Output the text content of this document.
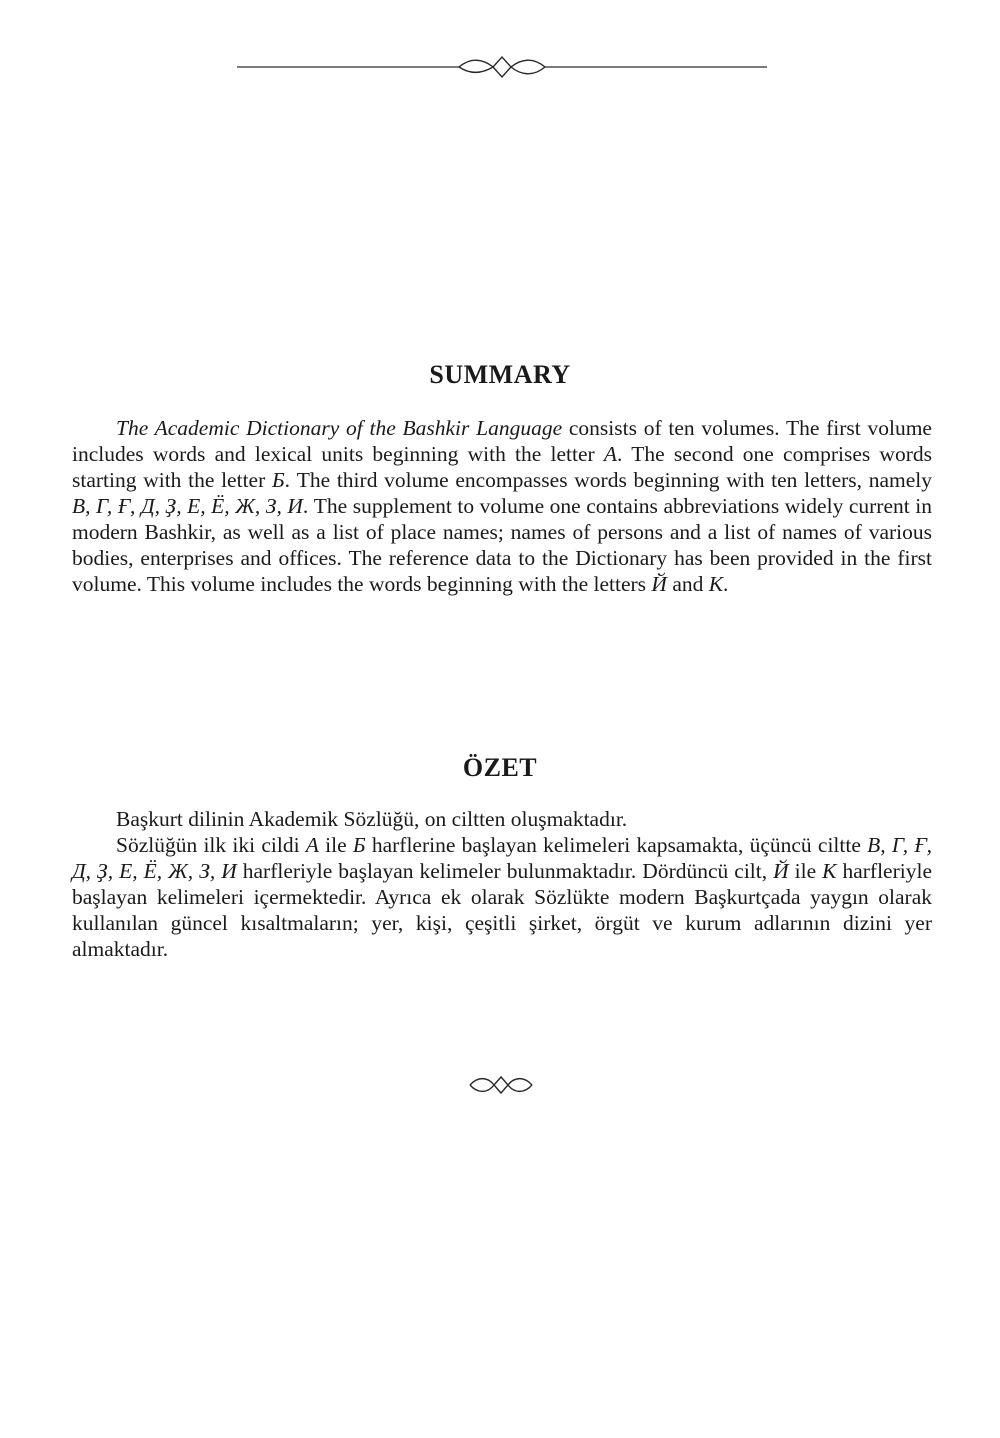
SUMMARY

The Academic Dictionary of the Bashkir Language consists of ten volumes. The first volume includes words and lexical units beginning with the letter A. The second one comprises words starting with the letter Б. The third volume encompasses words beginning with ten letters, namely В, Г, Ғ, Д, Ҙ, Е, Ё, Ж, З, И. The supplement to volume one contains abbreviations widely current in modern Bashkir, as well as a list of place names; names of persons and a list of names of various bodies, enterprises and offices. The reference data to the Dictionary has been provided in the first volume. This volume includes the words beginning with the letters Й and К.

ÖZET

Başkurt dilinin Akademik Sözlüğü, on ciltten oluşmaktadır.

Sözlüğün ilk iki cildi A ile Б harflerine başlayan kelimeleri kapsamakta, üçüncü ciltte В, Г, Ғ, Д, Ҙ, Е, Ё, Ж, З, И harfleriyle başlayan kelimeler bulunmaktadır. Dördüncü cilt, Й ile К harfleriyle başlayan kelimeleri içermektedir. Ayrıca ek olarak Sözlükte modern Başkurtçada yaygın olarak kullanılan güncel kısaltmaların; yer, kişi, çeşitli şirket, örgüt ve kurum adlarının dizini yer almaktadır.
